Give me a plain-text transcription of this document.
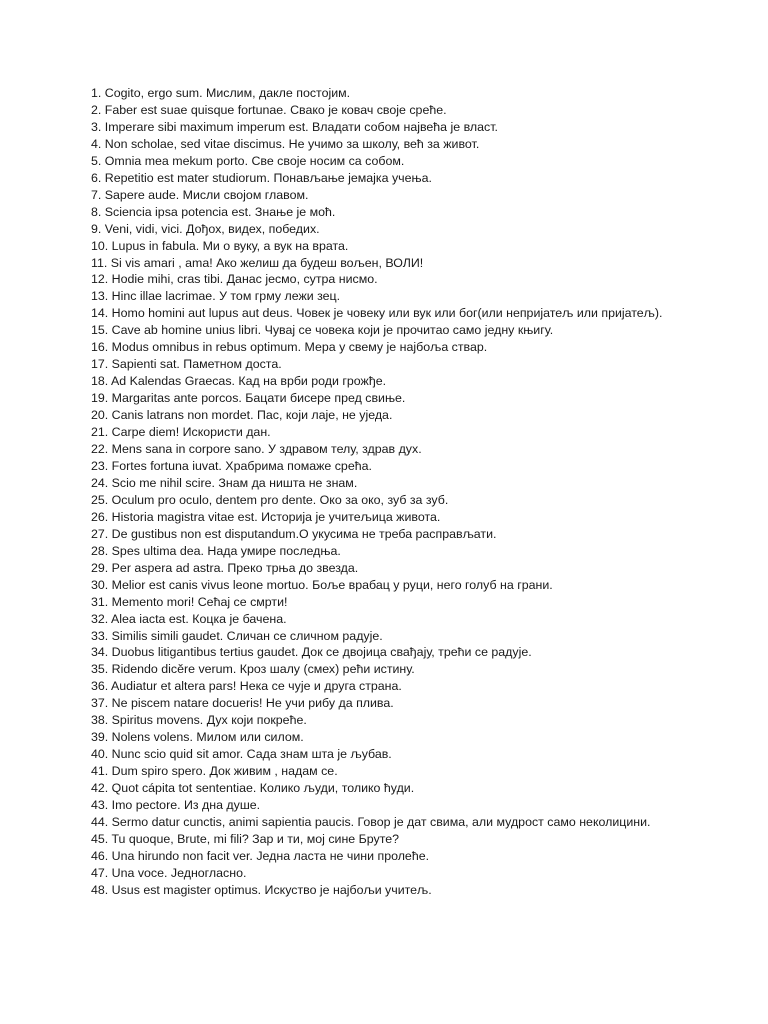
1. Cogito, ergo sum. Мислим, дакле постојим.
2. Faber est suae quisque fortunae. Свако је ковач своје среће.
3. Imperare sibi maximum imperum est. Владати собом највећа је власт.
4. Non scholae, sed vitae discimus. Не учимо за школу, већ за живот.
5. Omnia mea mekum porto. Све своје носим са собом.
6. Repetitio est mater studiorum. Понављање јемајка учења.
7. Sapere aude. Мисли својом главом.
8. Sciencia ipsa potencia est. Знање је моћ.
9. Veni, vidi, vici. Дођох, видех, победих.
10. Lupus in fabula. Ми о вуку, а вук на врата.
11. Si vis amari , ama! Ако желиш да будеш вољен, ВОЛИ!
12. Hodie mihi, cras tibi. Данас јесмо, сутра нисмо.
13. Hinc illae lacrimae. У том грму лежи зец.
14. Homo homini aut lupus aut deus. Човек је човеку или вук или бог(или непријатељ или пријатељ).
15. Cave ab homine unius libri. Чувај се човека који је прочитао само једну књигу.
16. Modus omnibus in rebus optimum. Мера у свему је најбоља ствар.
17. Sapienti sat. Паметном доста.
18. Ad Kalendas Graecas. Кад на врби роди грожђе.
19. Margaritas ante porcos. Бацати бисере пред свиње.
20. Canis latrans non mordet. Пас, који лаје, не уједа.
21. Carpe diem! Искористи дан.
22. Mens sana in corpore sano. У здравом телу, здрав дух.
23. Fortes fortuna iuvat. Храбрима помаже срећа.
24. Scio me nihil scire. Знам да ништа не знам.
25. Oculum pro oculo, dentem pro dente. Око за око, зуб за зуб.
26. Historia magistra vitae est. Историја је учитељица живота.
27. De gustibus non est disputandum.О укусима не треба расправљати.
28. Spes ultima dea. Нада умире последња.
29. Per aspera ad astra. Преко трња до звезда.
30. Melior est canis vivus leone mortuo. Боље врабац у руци, него голуб на грани.
31. Memento mori! Сећај се смрти!
32. Alea iacta est. Коцка је бачена.
33. Similis simili gaudet. Сличан се сличном радује.
34. Duobus litigantibus tertius gaudet. Док се двојица свађају, трећи се радује.
35. Ridendo dicĕre verum. Кроз шалу (смех) рећи истину.
36. Audiatur et altera pars! Нека се чује и друга страна.
37. Ne piscem natare docueris! Не учи рибу да плива.
38. Spiritus movens. Дух који покреће.
39. Nolens volens. Милом или силом.
40. Nunc scio quid sit amor. Сада знам шта је љубав.
41. Dum spiro spero. Док живим , надам се.
42. Quot cápita tot sententiae. Колико људи, толико ћуди.
43. Imo pectore. Из дна душе.
44. Sermo datur cunctis, animi sapientia paucis. Говор је дат свима, али мудрост само неколицини.
45. Tu quoque, Brute, mi fili? Зар и ти, мој сине Бруте?
46. Una hirundo non facit ver. Једна ласта не чини пролеће.
47. Una voce. Једногласно.
48. Usus est magister optimus. Искуство је најбољи учитељ.
